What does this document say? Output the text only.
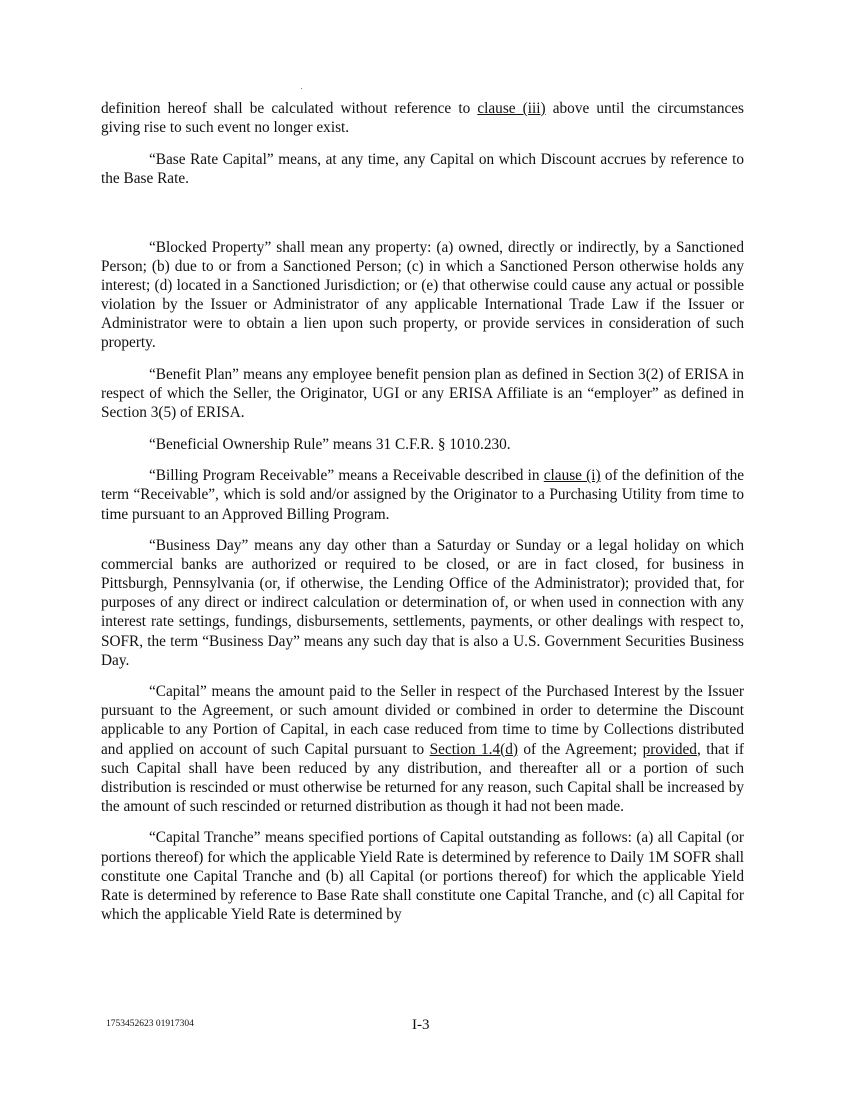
definition hereof shall be calculated without reference to clause (iii) above until the circumstances giving rise to such event no longer exist.

“Base Rate Capital” means, at any time, any Capital on which Discount accrues by reference to the Base Rate.

“Blocked Property” shall mean any property: (a) owned, directly or indirectly, by a Sanctioned Person; (b) due to or from a Sanctioned Person; (c) in which a Sanctioned Person otherwise holds any interest; (d) located in a Sanctioned Jurisdiction; or (e) that otherwise could cause any actual or possible violation by the Issuer or Administrator of any applicable International Trade Law if the Issuer or Administrator were to obtain a lien upon such property, or provide services in consideration of such property.

“Benefit Plan” means any employee benefit pension plan as defined in Section 3(2) of ERISA in respect of which the Seller, the Originator, UGI or any ERISA Affiliate is an “employer” as defined in Section 3(5) of ERISA.

“Beneficial Ownership Rule” means 31 C.F.R. § 1010.230.

“Billing Program Receivable” means a Receivable described in clause (i) of the definition of the term “Receivable”, which is sold and/or assigned by the Originator to a Purchasing Utility from time to time pursuant to an Approved Billing Program.

“Business Day” means any day other than a Saturday or Sunday or a legal holiday on which commercial banks are authorized or required to be closed, or are in fact closed, for business in Pittsburgh, Pennsylvania (or, if otherwise, the Lending Office of the Administrator); provided that, for purposes of any direct or indirect calculation or determination of, or when used in connection with any interest rate settings, fundings, disbursements, settlements, payments, or other dealings with respect to, SOFR, the term “Business Day” means any such day that is also a U.S. Government Securities Business Day.

“Capital” means the amount paid to the Seller in respect of the Purchased Interest by the Issuer pursuant to the Agreement, or such amount divided or combined in order to determine the Discount applicable to any Portion of Capital, in each case reduced from time to time by Collections distributed and applied on account of such Capital pursuant to Section 1.4(d) of the Agreement; provided, that if such Capital shall have been reduced by any distribution, and thereafter all or a portion of such distribution is rescinded or must otherwise be returned for any reason, such Capital shall be increased by the amount of such rescinded or returned distribution as though it had not been made.

“Capital Tranche” means specified portions of Capital outstanding as follows: (a) all Capital (or portions thereof) for which the applicable Yield Rate is determined by reference to Daily 1M SOFR shall constitute one Capital Tranche and (b) all Capital (or portions thereof) for which the applicable Yield Rate is determined by reference to Base Rate shall constitute one Capital Tranche, and (c) all Capital for which the applicable Yield Rate is determined by

1753452623 01917304	I-3
